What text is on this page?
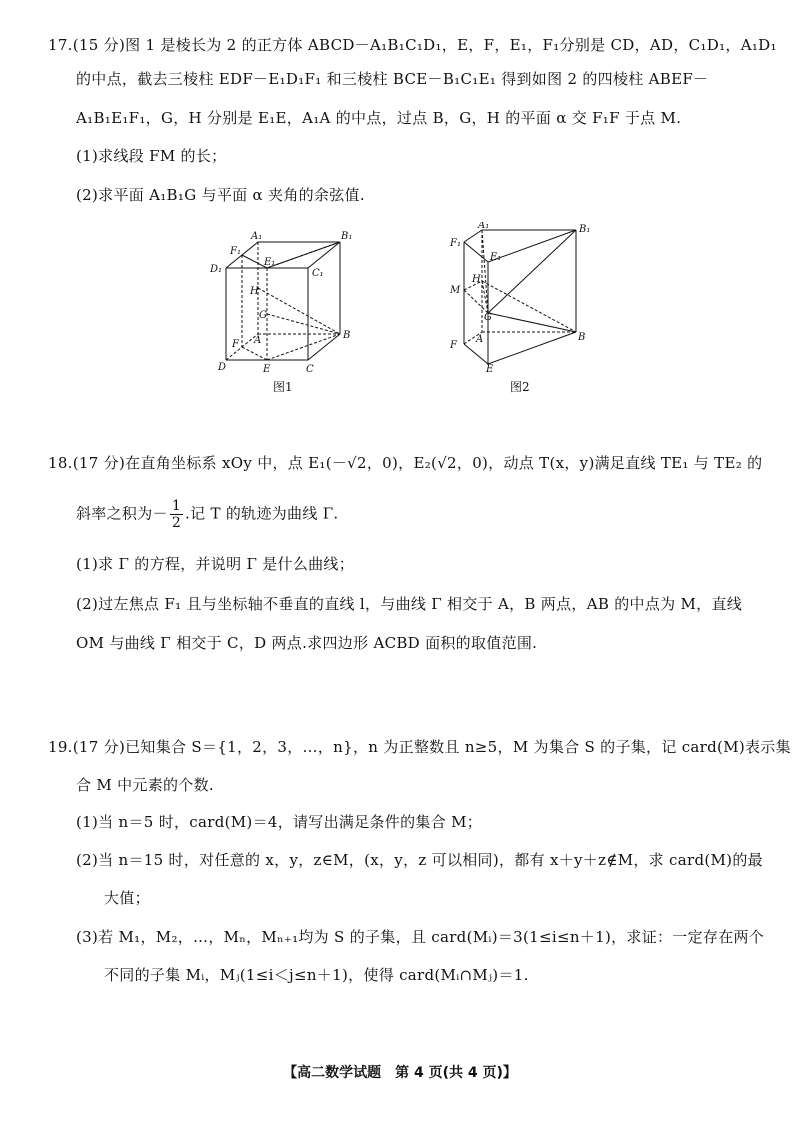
17.(15 分)图 1 是棱长为 2 的正方体 ABCD－A₁B₁C₁D₁，E，F，E₁，F₁分别是 CD，AD，C₁D₁，A₁D₁
的中点，截去三棱柱 EDF－E₁D₁F₁ 和三棱柱 BCE－B₁C₁E₁ 得到如图 2 的四棱柱 ABEF－
A₁B₁E₁F₁，G，H 分别是 E₁E，A₁A 的中点，过点 B，G，H 的平面 α 交 F₁F 于点 M.
(1)求线段 FM 的长；
(2)求平面 A₁B₁G 与平面 α 夹角的余弦值.
A₁	B₁
C₁
D₁
E₁
F₁
A	B
C
D	E
F
G
H
图1
A₁	B₁
E₁
F₁
A	B
E
F
G
H
M
图2
18.(17 分)在直角坐标系 xOy 中，点 E₁(－√2，0)，E₂(√2，0)，动点 T(x，y)满足直线 TE₁ 与 TE₂ 的
斜率之积为－ $\frac{1}{2}$ .记 T 的轨迹为曲线 Γ.
(1)求 Γ 的方程，并说明 Γ 是什么曲线；
(2)过左焦点 F₁ 且与坐标轴不垂直的直线 l，与曲线 Γ 相交于 A，B 两点，AB 的中点为 M，直线
OM 与曲线 Γ 相交于 C，D 两点.求四边形 ACBD 面积的取值范围.
19.(17 分)已知集合 S＝{1，2，3，…，n}，n 为正整数且 n≥5，M 为集合 S 的子集，记 card(M)表示集
合 M 中元素的个数.
(1)当 n＝5 时，card(M)＝4，请写出满足条件的集合 M；
(2)当 n＝15 时，对任意的 x，y，z∈M，(x，y，z 可以相同)，都有 x＋y＋z∉M，求 card(M)的最
大值；
(3)若 M₁，M₂，…，Mₙ，Mₙ₊₁均为 S 的子集，且 card(Mᵢ)＝3(1≤i≤n＋1)，求证：一定存在两个
不同的子集 Mᵢ，Mⱼ(1≤i＜j≤n＋1)，使得 card(Mᵢ∩Mⱼ)＝1.
【高二数学试题　第 4 页(共 4 页)】
